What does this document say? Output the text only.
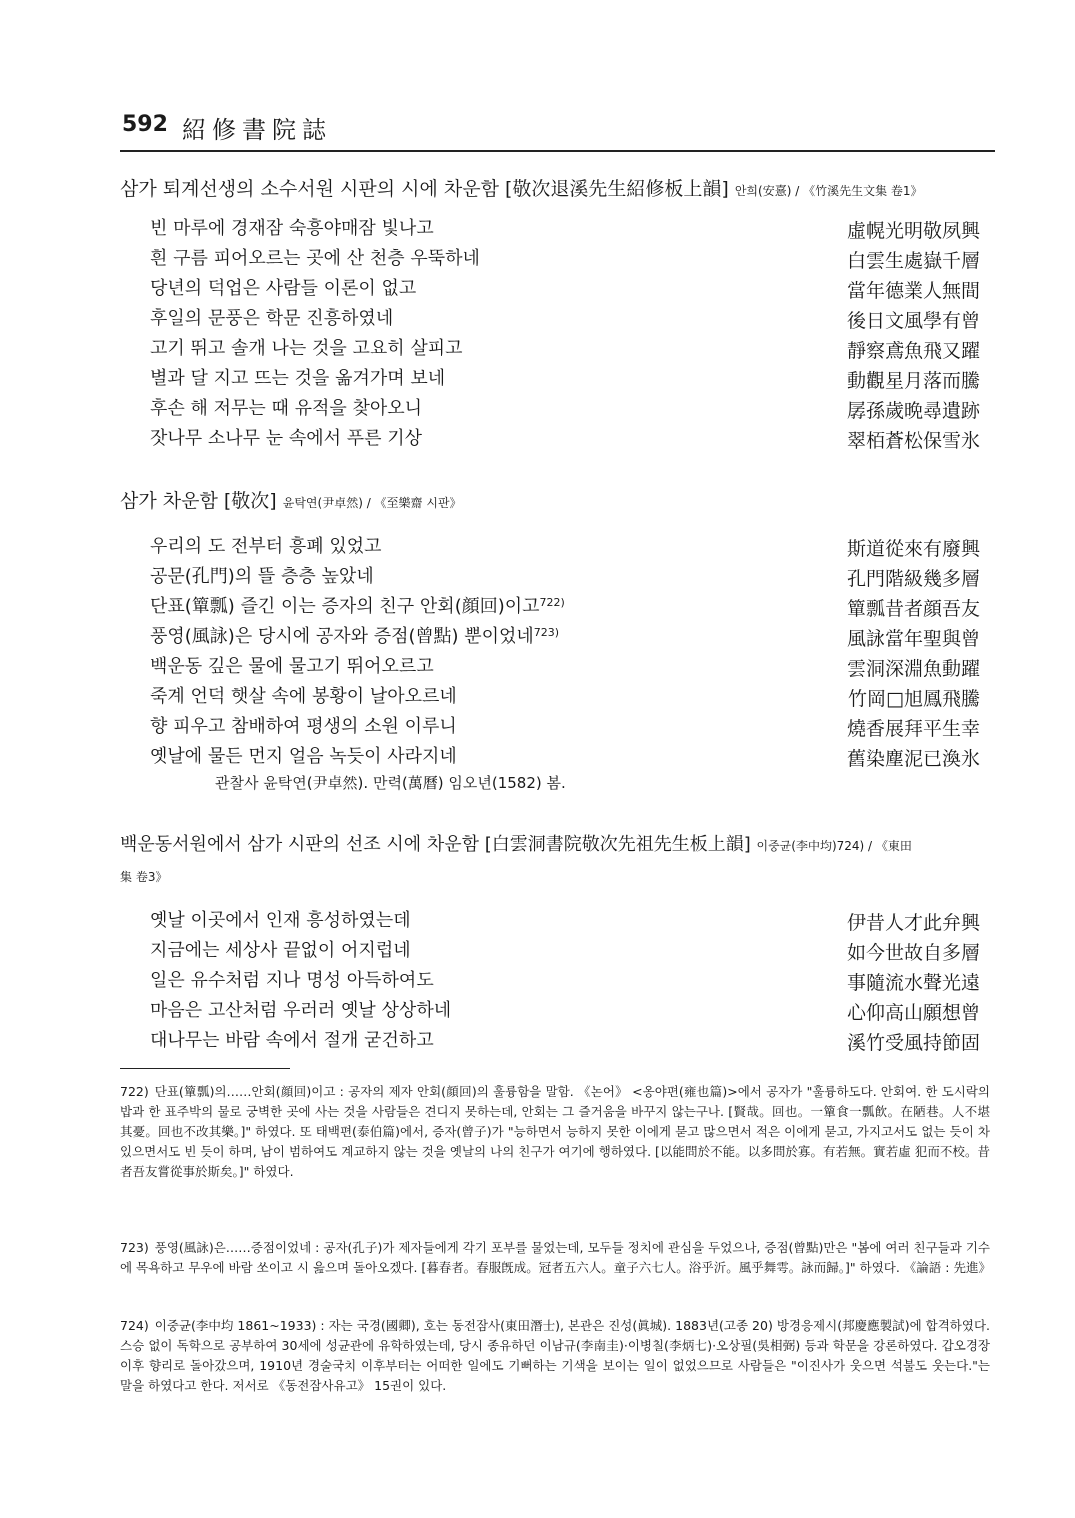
592 紹修書院誌
삼가 퇴계선생의 소수서원 시판의 시에 차운함 [敬次退溪先生紹修板上韻] 안희(安憙) / 《竹溪先生文集 卷1》
빈 마루에 경재잠 숙흥야매잠 빛나고
흰 구름 피어오르는 곳에 산 천층 우뚝하네
당년의 덕업은 사람들 이론이 없고
후일의 문풍은 학문 진흥하였네
고기 뛰고 솔개 나는 것을 고요히 살피고
별과 달 지고 뜨는 것을 옮겨가며 보네
후손 해 저무는 때 유적을 찾아오니
잣나무 소나무 눈 속에서 푸른 기상
虛幌光明敬夙興
白雲生處嶽千層
當年德業人無間
後日文風學有曾
靜察鳶魚飛又躍
動觀星月落而騰
孱孫歲晩尋遺跡
翠栢蒼松保雪氷
삼가 차운함 [敬次] 윤탁연(尹卓然) / 《至樂齋 시판》
우리의 도 전부터 흥폐 있었고
공문(孔門)의 뜰 층층 높았네
단표(簞瓢) 즐긴 이는 증자의 친구 안회(顔回)이고$^{722)}$
풍영(風詠)은 당시에 공자와 증점(曾點) 뿐이었네$^{723)}$
백운동 깊은 물에 물고기 뛰어오르고
죽계 언덕 햇살 속에 봉황이 날아오르네
향 피우고 참배하여 평생의 소원 이루니
옛날에 물든 먼지 얼음 녹듯이 사라지네
斯道從來有廢興
孔門階級幾多層
簞瓢昔者顔吾友
風詠當年聖與曾
雲洞深淵魚動躍
竹岡□旭鳳飛騰
燒香展拜平生幸
舊染塵泥已渙氷
관찰사 윤탁연(尹卓然). 만력(萬曆) 임오년(1582) 봄.
백운동서원에서 삼가 시판의 선조 시에 차운함 [白雲洞書院敬次先祖先生板上韻] 이중균(李中均)724) / 《東田
集 卷3》
옛날 이곳에서 인재 흥성하였는데
지금에는 세상사 끝없이 어지럽네
일은 유수처럼 지나 명성 아득하여도
마음은 고산처럼 우러러 옛날 상상하네
대나무는 바람 속에서 절개 굳건하고
伊昔人才此弁興
如今世故自多層
事隨流水聲光遠
心仰高山願想曾
溪竹受風持節固
722) 단표(簞瓢)의……안회(顔回)이고 : 공자의 제자 안회(顔回)의 훌륭함을 말함. 《논어》 <옹야편(雍也篇)>에서 공자가 "훌륭하도다. 안회여. 한 도시락의 밥과 한 표주박의 물로 궁벽한 곳에 사는 것을 사람들은 견디지 못하는데, 안회는 그 즐거움을 바꾸지 않는구나. [賢哉。回也。一簞食一瓢飮。在陋巷。人不堪其憂。回也不改其樂。]" 하였다. 또 태백편(泰伯篇)에서, 증자(曾子)가 "능하면서 능하지 못한 이에게 묻고 많으면서 적은 이에게 묻고, 가지고서도 없는 듯이 차있으면서도 빈 듯이 하며, 남이 범하여도 계교하지 않는 것을 옛날의 나의 친구가 여기에 행하였다. [以能問於不能。以多問於寡。有若無。實若虛 犯而不校。昔者吾友嘗從事於斯矣。]" 하였다.
723) 풍영(風詠)은……증점이었네 : 공자(孔子)가 제자들에게 각기 포부를 물었는데, 모두들 정치에 관심을 두었으나, 증점(曾點)만은 "봄에 여러 친구들과 기수에 목욕하고 무우에 바람 쏘이고 시 읊으며 돌아오겠다. [暮春者。春服旣成。冠者五六人。童子六七人。浴乎沂。風乎舞雩。詠而歸。]" 하였다. 《論語 : 先進》
724) 이중균(李中均 1861~1933) : 자는 국경(國卿), 호는 동전잠사(東田潛士), 본관은 진성(眞城). 1883년(고종 20) 방경응제시(邦慶應製試)에 합격하였다. 스승 없이 독학으로 공부하여 30세에 성균관에 유학하였는데, 당시 종유하던 이남규(李南圭)·이병칠(李炳七)·오상필(吳相弼) 등과 학문을 강론하였다. 갑오경장 이후 향리로 돌아갔으며, 1910년 경술국치 이후부터는 어떠한 일에도 기뻐하는 기색을 보이는 일이 없었으므로 사람들은 "이진사가 웃으면 석불도 웃는다."는 말을 하였다고 한다. 저서로 《동전잠사유고》 15권이 있다.
